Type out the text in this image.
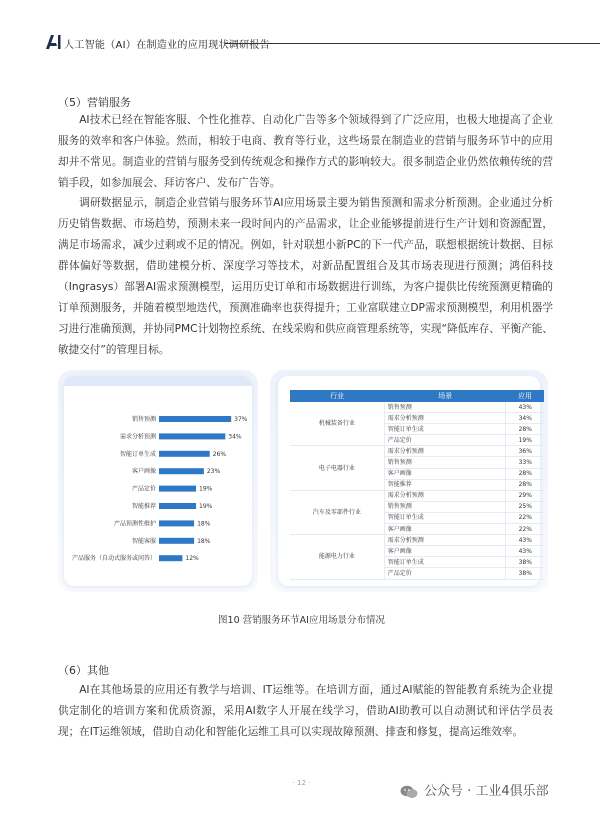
人工智能（AI）在制造业的应用现状调研报告
（5）营销服务
AI技术已经在智能客服、个性化推荐、自动化广告等多个领域得到了广泛应用，也极大地提高了企业服务的效率和客户体验。然而，相较于电商、教育等行业，这些场景在制造业的营销与服务环节中的应用却并不常见。制造业的营销与服务受到传统观念和操作方式的影响较大。很多制造企业仍然依赖传统的营销手段，如参加展会、拜访客户、发布广告等。
调研数据显示，制造企业营销与服务环节AI应用场景主要为销售预测和需求分析预测。企业通过分析历史销售数据、市场趋势，预测未来一段时间内的产品需求，让企业能够提前进行生产计划和资源配置，满足市场需求，减少过剩或不足的情况。例如，针对联想小新PC的下一代产品，联想根据统计数据、目标群体偏好等数据，借助建模分析、深度学习等技术，对新品配置组合及其市场表现进行预测；鸿佰科技（Ingrasys）部署AI需求预测模型，运用历史订单和市场数据进行训练，为客户提供比传统预测更精确的订单预测服务，并随着模型地迭代，预测准确率也获得提升；工业富联建立DP需求预测模型，利用机器学习进行准确预测，并协同PMC计划物控系统、在线采购和供应商管理系统等，实现“降低库存、平衡产能、敏捷交付”的管理目标。
销售预测	37%
需求分析预测	34%
智能订单生成	26%
客户画像	23%
产品定价	19%
智能推荐	19%
产品预测性维护	18%
智能客服	18%
产品服务（自动式服务或问答）	12%
行业	场景	应用
机械装备行业	销售预测	43%
	需求分析预测	34%
	智能订单生成	28%
	产品定价	19%
电子电器行业	需求分析预测	36%
	销售预测	33%
	客户画像	28%
	智能推荐	28%
汽车及零部件行业	需求分析预测	29%
	销售预测	25%
	智能订单生成	22%
	客户画像	22%
能源电力行业	需求分析预测	43%
	客户画像	43%
	智能订单生成	38%
	产品定价	38%
图10 营销服务环节AI应用场景分布情况
（6）其他
AI在其他场景的应用还有教学与培训、IT运维等。在培训方面，通过AI赋能的智能教育系统为企业提供定制化的培训方案和优质资源，采用AI数字人开展在线学习，借助AI助教可以自动测试和评估学员表现；在IT运维领域，借助自动化和智能化运维工具可以实现故障预测、排查和修复，提高运维效率。
· 12 ·
公众号 · 工业4俱乐部
